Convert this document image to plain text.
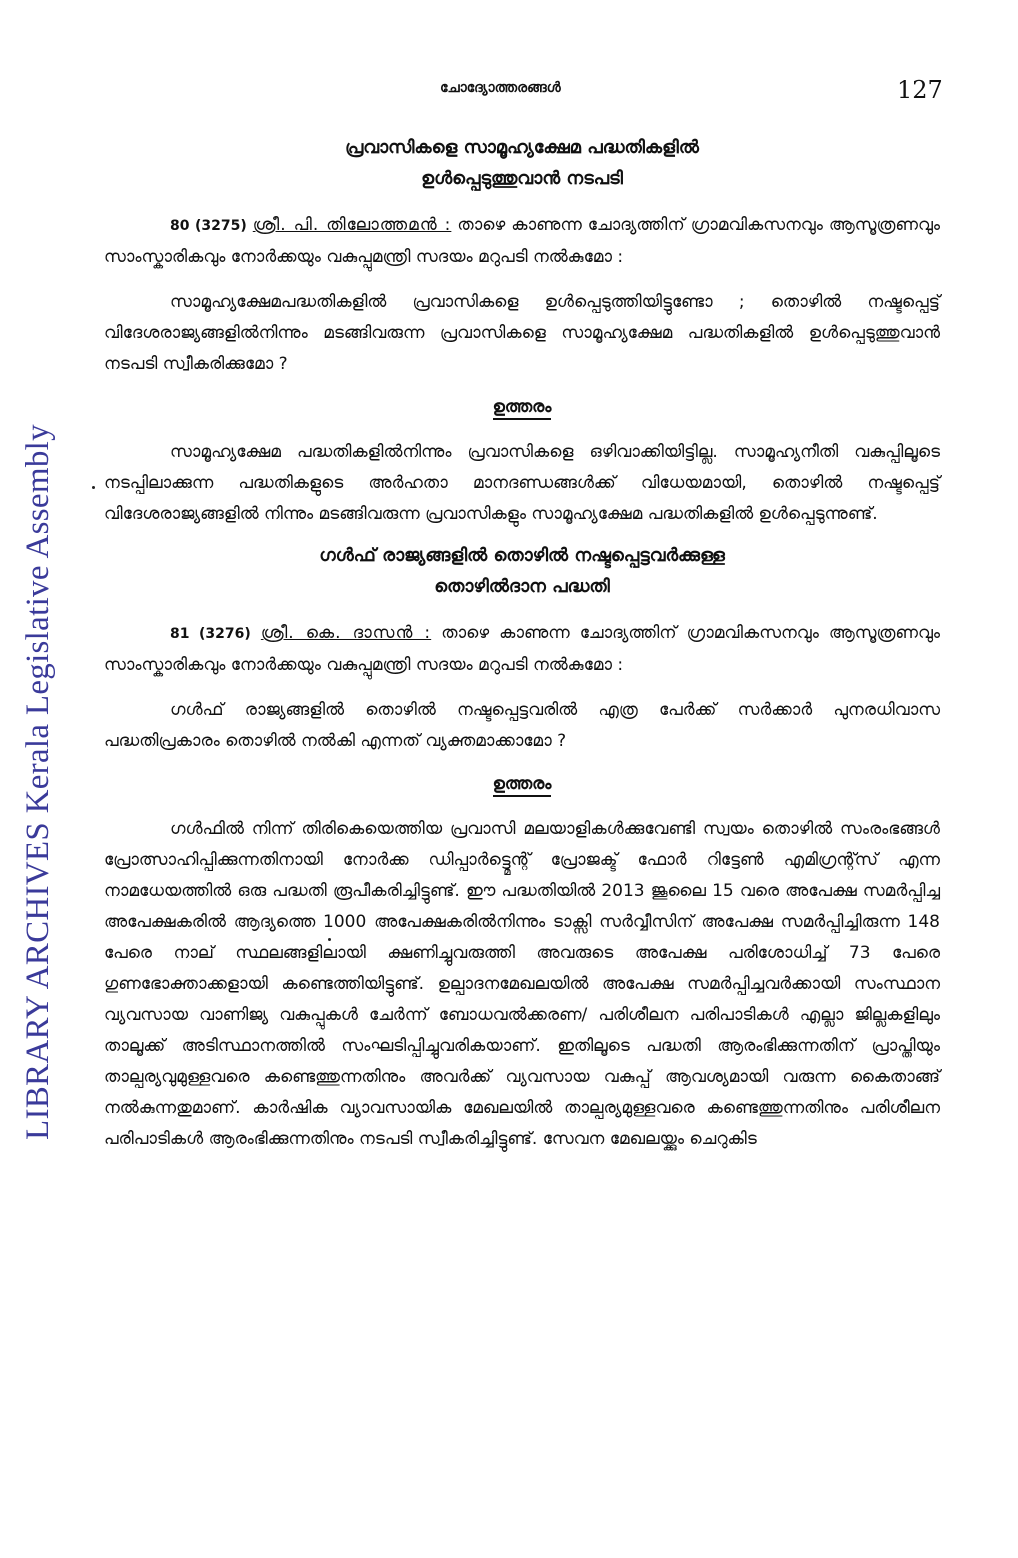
LIBRARY ARCHIVES Kerala Legislative Assembly
ചോദ്യോത്തരങ്ങൾ	127

പ്രവാസികളെ സാമൂഹ്യക്ഷേമ പദ്ധതികളിൽ
ഉൾപ്പെടുത്തുവാൻ നടപടി

80 (3275) ശ്രീ. പി. തിലോത്തമൻ : താഴെ കാണുന്ന ചോദ്യത്തിന് ഗ്രാമവികസനവും ആസൂത്രണവും സാംസ്കാരികവും നോർക്കയും വകുപ്പുമന്ത്രി സദയം മറുപടി നൽകുമോ :

സാമൂഹ്യക്ഷേമപദ്ധതികളിൽ പ്രവാസികളെ ഉൾപ്പെടുത്തിയിട്ടുണ്ടോ ; തൊഴിൽ നഷ്ടപ്പെട്ട് വിദേശരാജ്യങ്ങളിൽനിന്നും മടങ്ങിവരുന്ന പ്രവാസികളെ സാമൂഹ്യക്ഷേമ പദ്ധതികളിൽ ഉൾപ്പെടുത്തുവാൻ നടപടി സ്വീകരിക്കുമോ ?

ഉത്തരം

സാമൂഹ്യക്ഷേമ പദ്ധതികളിൽനിന്നും പ്രവാസികളെ ഒഴിവാക്കിയിട്ടില്ല. സാമൂഹ്യനീതി വകുപ്പിലൂടെ നടപ്പിലാക്കുന്ന പദ്ധതികളുടെ അർഹതാ മാനദണ്ഡങ്ങൾക്ക് വിധേയമായി, തൊഴിൽ നഷ്ടപ്പെട്ട് വിദേശരാജ്യങ്ങളിൽ നിന്നും മടങ്ങിവരുന്ന പ്രവാസികളും സാമൂഹ്യക്ഷേമ പദ്ധതികളിൽ ഉൾപ്പെടുന്നുണ്ട്.

ഗൾഫ് രാജ്യങ്ങളിൽ തൊഴിൽ നഷ്ടപ്പെട്ടവർക്കുള്ള
തൊഴിൽദാന പദ്ധതി

81 (3276) ശ്രീ. കെ. ദാസൻ : താഴെ കാണുന്ന ചോദ്യത്തിന് ഗ്രാമവികസനവും ആസൂത്രണവും സാംസ്കാരികവും നോർക്കയും വകുപ്പുമന്ത്രി സദയം മറുപടി നൽകുമോ :

ഗൾഫ് രാജ്യങ്ങളിൽ തൊഴിൽ നഷ്ടപ്പെട്ടവരിൽ എത്ര പേർക്ക് സർക്കാർ പുനരധിവാസ പദ്ധതിപ്രകാരം തൊഴിൽ നൽകി എന്നത് വ്യക്തമാക്കാമോ ?

ഉത്തരം

ഗൾഫിൽ നിന്ന് തിരികെയെത്തിയ പ്രവാസി മലയാളികൾക്കുവേണ്ടി സ്വയം തൊഴിൽ സംരംഭങ്ങൾ പ്രോത്സാഹിപ്പിക്കുന്നതിനായി നോർക്ക ഡിപ്പാർട്ട്മെന്റ് പ്രോജക്ട് ഫോർ റിട്ടേൺ എമിഗ്രന്റ്സ് എന്ന നാമധേയത്തിൽ ഒരു പദ്ധതി രൂപീകരിച്ചിട്ടുണ്ട്. ഈ പദ്ധതിയിൽ 2013 ജൂലൈ 15 വരെ അപേക്ഷ സമർപ്പിച്ച അപേക്ഷകരിൽ ആദ്യത്തെ 1000 അപേക്ഷകരിൽനിന്നും ടാക്സി സർവ്വീസിന് അപേക്ഷ സമർപ്പിച്ചിരുന്ന 148 പേരെ നാല് സ്ഥലങ്ങളിലായി ക്ഷണിച്ചുവരുത്തി അവരുടെ അപേക്ഷ പരിശോധിച്ച് 73 പേരെ ഗുണഭോക്താക്കളായി കണ്ടെത്തിയിട്ടുണ്ട്. ഉല്പാദനമേഖലയിൽ അപേക്ഷ സമർപ്പിച്ചവർക്കായി സംസ്ഥാന വ്യവസായ വാണിജ്യ വകുപ്പുകൾ ചേർന്ന് ബോധവൽക്കരണ/ പരിശീലന പരിപാടികൾ എല്ലാ ജില്ലകളിലും താലൂക്ക് അടിസ്ഥാനത്തിൽ സംഘടിപ്പിച്ചുവരികയാണ്. ഇതിലൂടെ പദ്ധതി ആരംഭിക്കുന്നതിന് പ്രാപ്തിയും താല്പര്യവുമുള്ളവരെ കണ്ടെത്തുന്നതിനും അവർക്ക് വ്യവസായ വകുപ്പ് ആവശ്യമായി വരുന്ന കൈതാങ്ങ് നൽകുന്നതുമാണ്. കാർഷിക വ്യാവസായിക മേഖലയിൽ താല്പര്യമുള്ളവരെ കണ്ടെത്തുന്നതിനും പരിശീലന പരിപാടികൾ ആരംഭിക്കുന്നതിനും നടപടി സ്വീകരിച്ചിട്ടുണ്ട്. സേവന മേഖലയ്ക്കും ചെറുകിട
